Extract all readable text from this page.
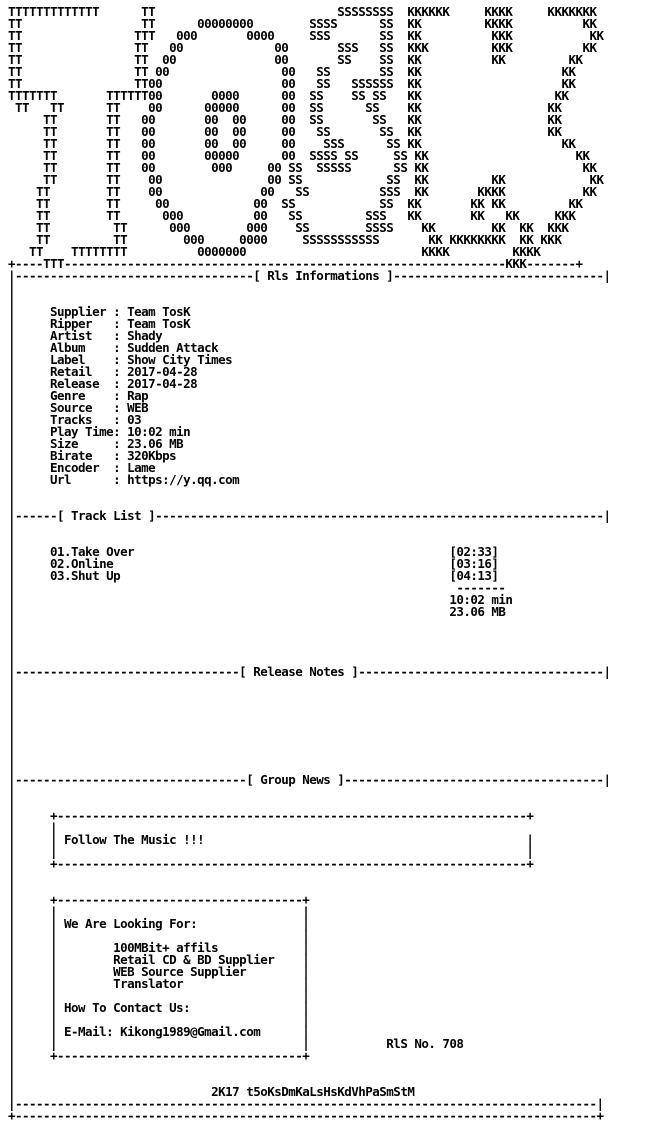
TTTTTTTTTTTTT      TT                          SSSSSSSS  KKKKKK     KKKK     KKKKKKK
TT                 TT      00000000        SSSS      SS  KK         KKKK          KK
TT                TTT   000       0000     SSS       SS  KK          KKK           KK
TT                TT   00             00       SSS   SS  KKK         KKK          KK
TT                TT  00              00       SS    SS  KK          KK         KK
TT                TT 00                00   SS       SS  KK                    KK
TT                TT00                 00   SS   SSSSSS  KK                    KK
TTTTTTT       TTTTTT00       0000      00  SS    SS SS   KK                   KK
TT   TT      TT    00      00000      00  SS      SS    KK                  KK
TT       TT   00       00  00     00  SS       SS   KK                  KK
TT       TT   00       00  00     00   SS       SS  KK                  KK
TT       TT   00       00  00     00    SSS      SS KK                    KK
TT       TT   00       00000      00  SSSS SS     SS KK                     KK
TT       TT   00        000     00 SS  SSSSS      SS KK                      KK
TT       TT    00               00 SS            SS  KK         KK            KK
TT        TT    00              00   SS          SSS  KK       KKKK           KK
TT        TT     00            00  SS            SS  KK       KK KK         KK
TT        TT      000          00   SS         SSS   KK       KK   KK     KKK
TT         TT      000        000    SS        SSSS    KK        KK  KK  KKK
TT         TT        000     0000     SSSSSSSSSSS       KK KKKKKKKK  KK KKK
TT    TTTTTTTT          0000000                         KKKK         KKKK
+----TTT---------------------------------------------------------------KKK-------+
|----------------------------------[ Rls Informations ]------------------------------|
|
|
|     Supplier : Team TosK
|     Ripper   : Team TosK
|     Artist   : Shady
|     Album    : Sudden Attack
|     Label    : Show City Times
|     Retail   : 2017-04-28
|     Release  : 2017-04-28
|     Genre    : Rap
|     Source   : WEB
|     Tracks   : 03
|     Play Time: 10:02 min
|     Size     : 23.06 MB
|     Birate   : 320Kbps
|     Encoder  : Lame
|     Url      : https://y.qq.com
|
|
|------[ Track List ]----------------------------------------------------------------|
|
|
|     01.Take Over                                             [02:33]
|     02.Online                                                [03:16]
|     03.Shut Up                                               [04:13]
|                                                               -------
|                                                              10:02 min
|                                                              23.06 MB
|
|
|
|
|--------------------------------[ Release Notes ]-----------------------------------|
|
|
|
|
|
|
|
|
|---------------------------------[ Group News ]-------------------------------------|
|
|
|     +-------------------------------------------------------------------+
|     |
|     | Follow The Music !!!                                              |
|     |                                                                   |
|     +-------------------------------------------------------------------+
|
|
|     +-----------------------------------+
|     |                                   |
|     | We Are Looking For:               |
|     |                                   |
|     |        100MBit+ affils            |
|     |        Retail CD & BD Supplier    |
|     |        WEB Source Supplier        |
|     |        Translator                 |
|     |                                   |
|     | How To Contact Us:                |
|     |                                   |
|     | E-Mail: Kikong1989@Gmail.com      |
|     |                                   |           RlS No. 708
|     +-----------------------------------+
|
|
|                            2K17 t5oKsDmKaLsHsKdVhPaSmStM
|-----------------------------------------------------------------------------------|
+-----------------------------------------------------------------------------------+
